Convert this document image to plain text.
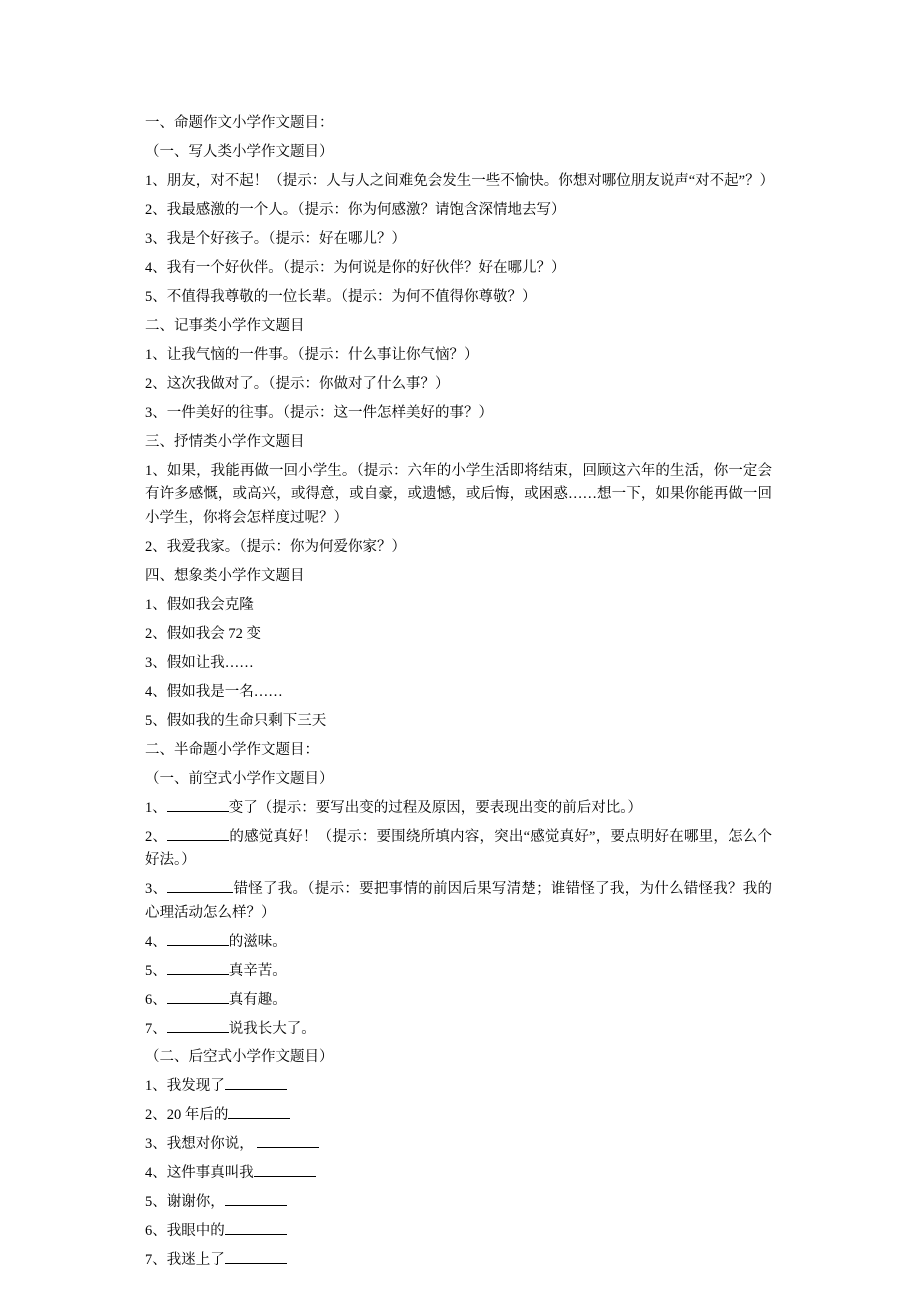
一、命题作文小学作文题目：

（一、写人类小学作文题目）

1、朋友，对不起！（提示：人与人之间难免会发生一些不愉快。你想对哪位朋友说声“对不起”？）

2、我最感激的一个人。（提示：你为何感激？请饱含深情地去写）

3、我是个好孩子。（提示：好在哪儿？）

4、我有一个好伙伴。（提示：为何说是你的好伙伴？好在哪儿？）

5、不值得我尊敬的一位长辈。（提示：为何不值得你尊敬？）

二、记事类小学作文题目

1、让我气恼的一件事。（提示：什么事让你气恼？）

2、这次我做对了。（提示：你做对了什么事？）

3、一件美好的往事。（提示：这一件怎样美好的事？）

三、抒情类小学作文题目

1、如果，我能再做一回小学生。（提示：六年的小学生活即将结束，回顾这六年的生活，你一定会有许多感慨，或高兴，或得意，或自豪，或遗憾，或后悔，或困惑……想一下，如果你能再做一回小学生，你将会怎样度过呢？）

2、我爱我家。（提示：你为何爱你家？）

四、想象类小学作文题目

1、假如我会克隆

2、假如我会 72 变

3、假如让我……

4、假如我是一名……

5、假如我的生命只剩下三天

二、半命题小学作文题目：

（一、前空式小学作文题目）

1、	变了（提示：要写出变的过程及原因，要表现出变的前后对比。）

2、	的感觉真好！（提示：要围绕所填内容，突出“感觉真好”，要点明好在哪里，怎么个好法。）

3、	错怪了我。（提示：要把事情的前因后果写清楚；谁错怪了我，为什么错怪我？我的心理活动怎么样？）

4、	的滋味。

5、	真辛苦。

6、	真有趣。

7、	说我长大了。

（二、后空式小学作文题目）

1、我发现了

2、20 年后的

3、我想对你说，

4、这件事真叫我

5、谢谢你，

6、我眼中的

7、我迷上了
